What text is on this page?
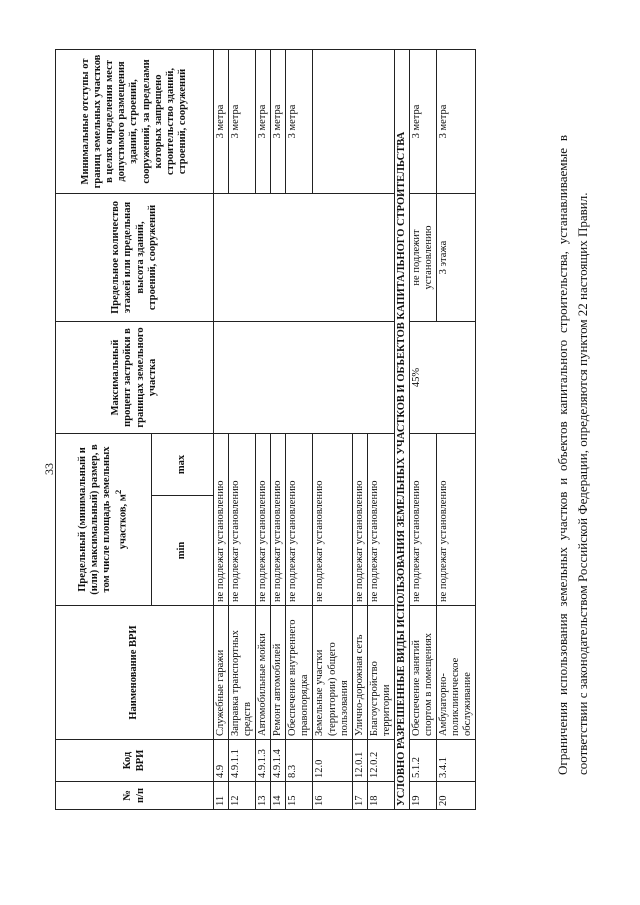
33
№ п/п	Код ВРИ	Наименование ВРИ	Предельный (минимальный и (или) максимальный) размер, в том числе площадь земельных участков, $м^2$		Максимальный процент застройки в границах земельного участка	Предельное количество этажей или предельная высота зданий, строений, сооружений	Минимальные отступы от границ земельных участков в целях определения мест допустимого размещения зданий, строений, сооружений, за пределами которых запрещено строительство зданий, строений, сооружений
			min	max			
11	4.9	Служебные гаражи	не подлежат установлению				3 метра
12	4.9.1.1	Заправка транспортных средств	не подлежат установлению				3 метра
13	4.9.1.3	Автомобильные мойки	не подлежат установлению				3 метра
14	4.9.1.4	Ремонт автомобилей	не подлежат установлению				3 метра
15	8.3	Обеспечение внутреннего правопорядка	не подлежат установлению				3 метра
16	12.0	Земельные участки (территории) общего пользования	не подлежат установлению				
17	12.0.1	Улично-дорожная сеть	не подлежат установлению				
18	12.0.2	Благоустройство территории	не подлежат установлению				
УСЛОВНО РАЗРЕШЕННЫЕ ВИДЫ ИСПОЛЬЗОВАНИЯ ЗЕМЕЛЬНЫХ УЧАСТКОВ И ОБЪЕКТОВ КАПИТАЛЬНОГО СТРОИТЕЛЬСТВА							
19	5.1.2	Обеспечение занятий спортом в помещениях	не подлежат установлению		45%	не подлежит установлению	3 метра
20	3.4.1	Амбулаторно-поликлиническое обслуживание	не подлежат установлению			3 этажа	3 метра

Ограничения использования земельных участков и объектов капитального строительства, устанавливаемые в соответствии с законодательством Российской Федерации, определяются пунктом 22 настоящих Правил.
